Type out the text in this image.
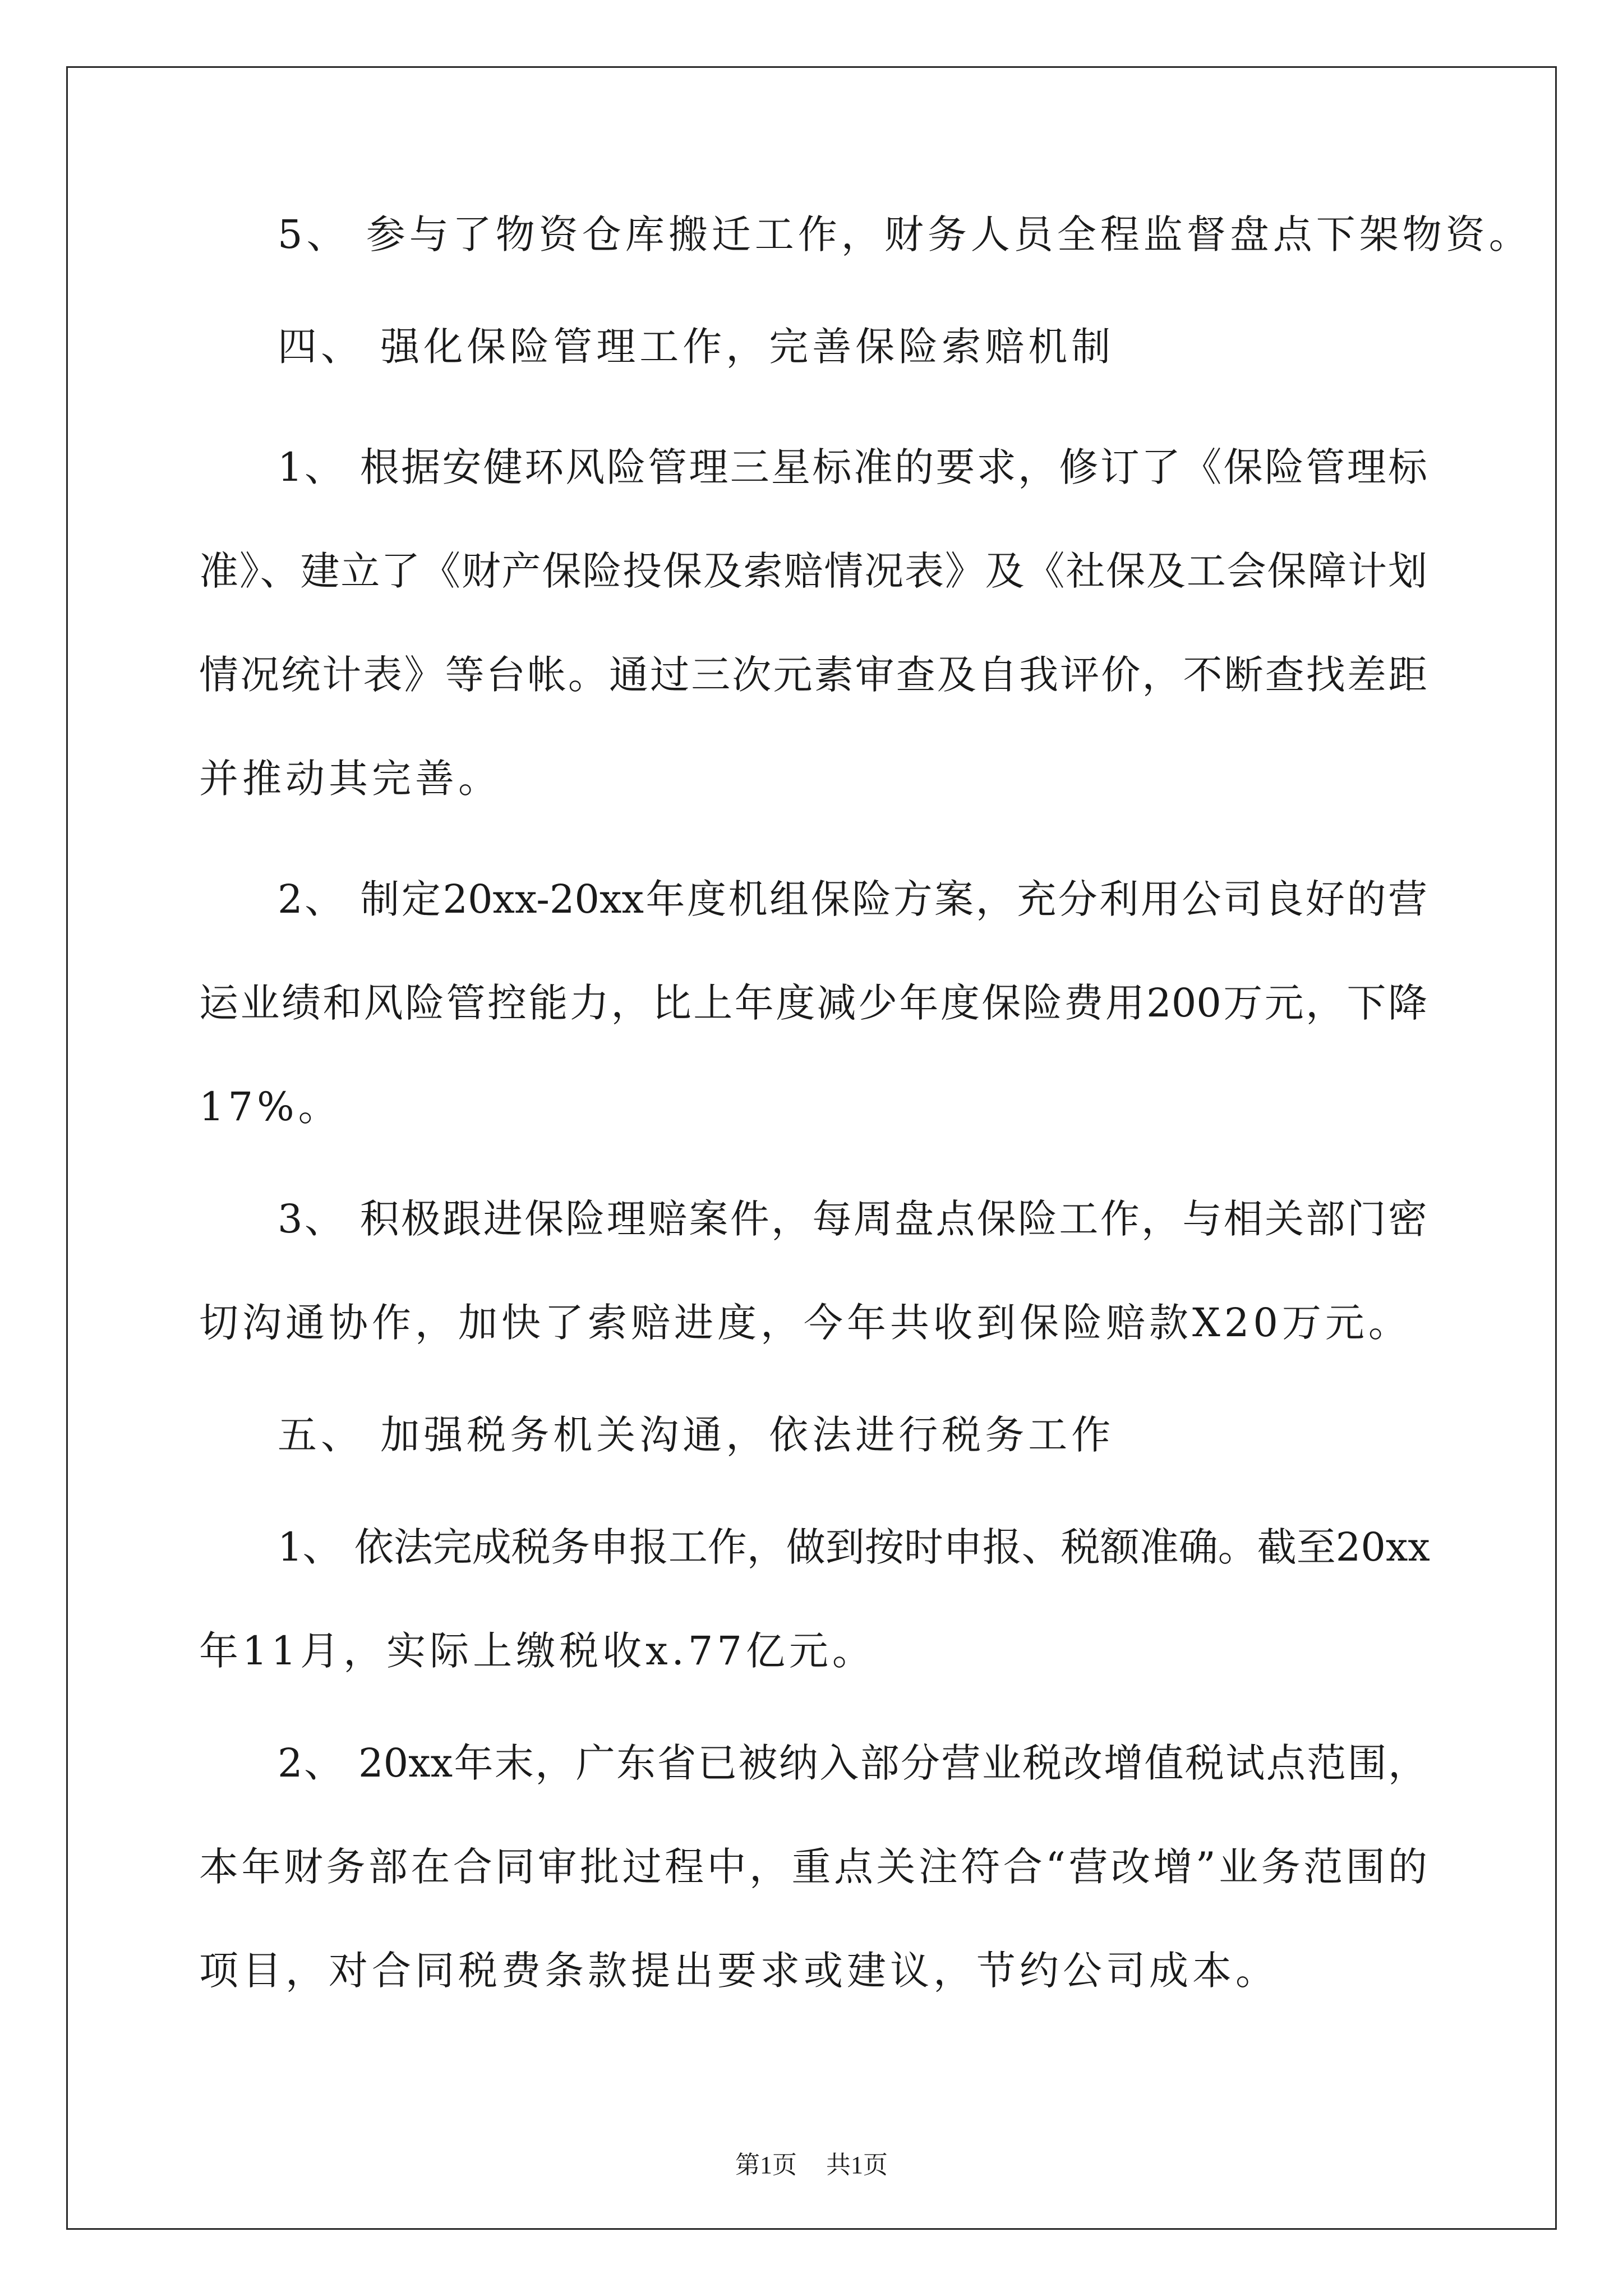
5、 参与了物资仓库搬迁工作，财务人员全程监督盘点下架物资。
四、 强化保险管理工作，完善保险索赔机制
1、 根据安健环风险管理三星标准的要求，修订了《保险管理标
准》、建立了《财产保险投保及索赔情况表》及《社保及工会保障计划
情况统计表》等台帐。通过三次元素审查及自我评价，不断查找差距
并推动其完善。
2、 制定20xx-20xx年度机组保险方案，充分利用公司良好的营
运业绩和风险管控能力，比上年度减少年度保险费用200万元，下降
17%。
3、 积极跟进保险理赔案件，每周盘点保险工作，与相关部门密
切沟通协作，加快了索赔进度，今年共收到保险赔款X20万元。
五、 加强税务机关沟通，依法进行税务工作
1、 依法完成税务申报工作，做到按时申报、税额准确。截至20xx
年11月，实际上缴税收x.77亿元。
2、 20xx年末，广东省已被纳入部分营业税改增值税试点范围，
本年财务部在合同审批过程中，重点关注符合“营改增”业务范围的
项目，对合同税费条款提出要求或建议，节约公司成本。
第1页 共1页
